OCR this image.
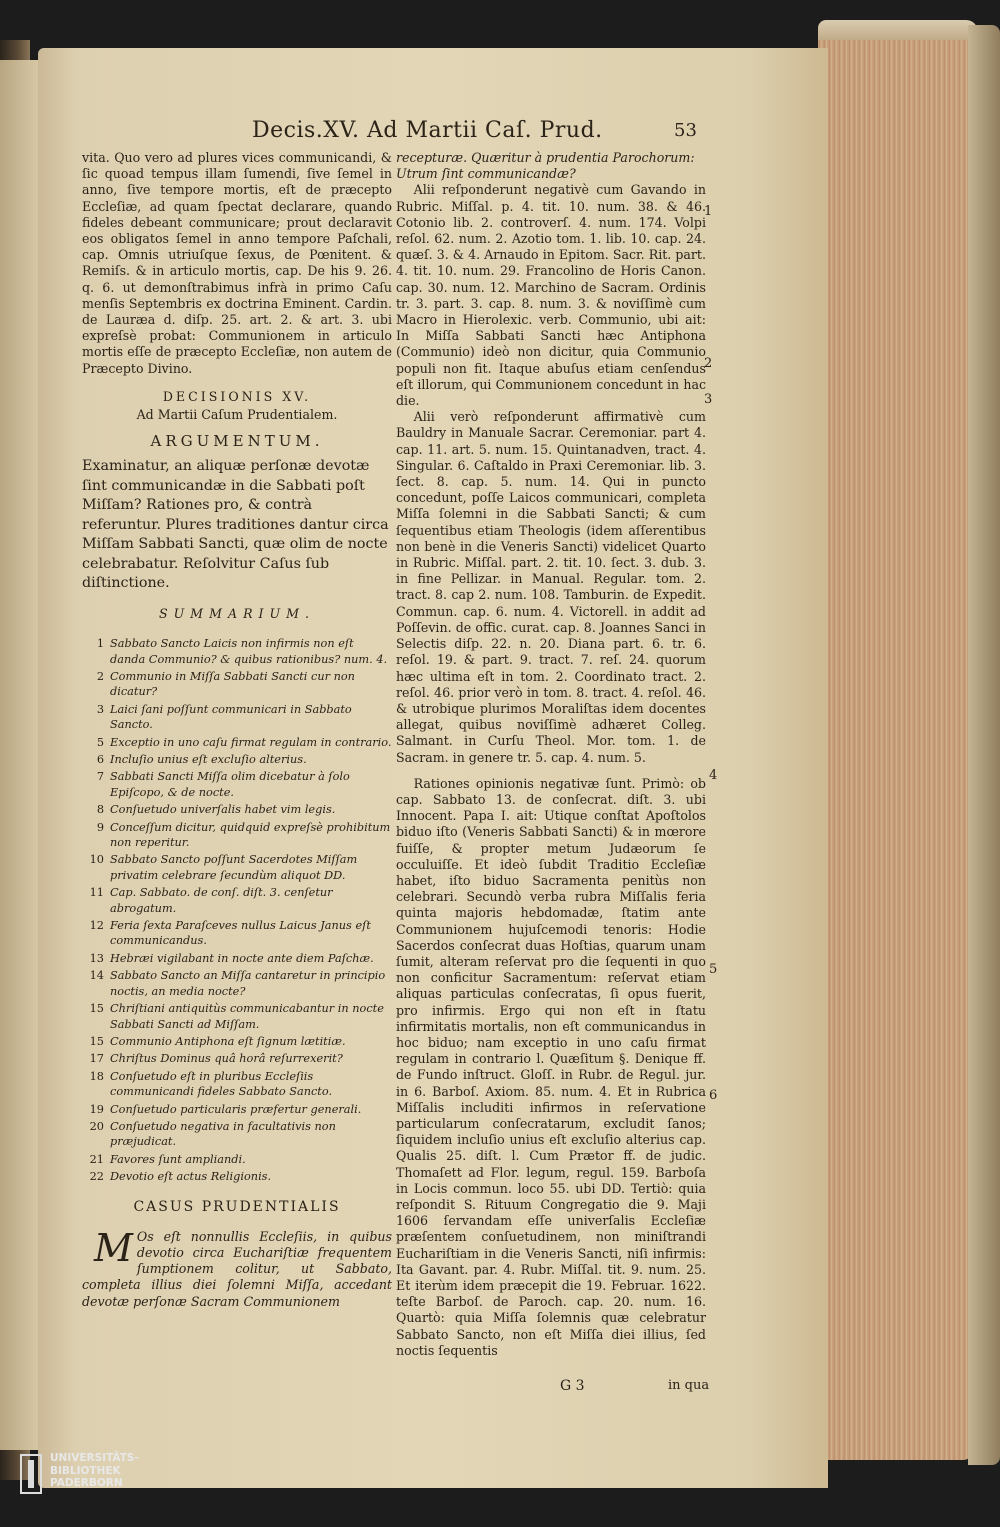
Decis.XV. Ad Martii Caſ. Prud.	53

vita. Quo vero ad plures vices communicandi, & ſic quoad tempus illam ſumendi, ſive ſemel in anno, ſive tempore mortis, eſt de præcepto Eccleſiæ, ad quam ſpectat declarare, quando fideles debeant communicare; prout declaravit eos obligatos ſemel in anno tempore Paſchali, cap. Omnis utriuſque ſexus, de Pœnitent. & Remiſs. & in articulo mortis, cap. De his 9. 26. q. 6. ut demonſtrabimus infrà in primo Caſu menſis Septembris ex doctrina Eminent. Cardin. de Lauræa d. diſp. 25. art. 2. & art. 3. ubi expreſsè probat: Communionem in articulo mortis eſſe de præcepto Eccleſiæ, non autem de Præcepto Divino.

DECISIONIS XV.
Ad Martii Caſum Prudentialem.
ARGUMENTUM.

Examinatur, an aliquæ perſonæ devotæ ſint communicandæ in die Sabbati poſt Miſſam? Rationes pro, & contrà referuntur. Plures traditiones dantur circa Miſſam Sabbati Sancti, quæ olim de nocte celebrabatur. Reſolvitur Caſus ſub diſtinctione.

SUMMARIUM.
1 Sabbato Sancto Laicis non infirmis non eſt danda Communio? & quibus rationibus? num. 4.
2 Communio in Miſſa Sabbati Sancti cur non dicatur?
3 Laici ſani poſſunt communicari in Sabbato Sancto.
5 Exceptio in uno caſu firmat regulam in contrario.
6 Incluſio unius eſt excluſio alterius.
7 Sabbati Sancti Miſſa olim dicebatur à ſolo Epiſcopo, & de nocte.
8 Conſuetudo univerſalis habet vim legis.
9 Conceſſum dicitur, quidquid expreſsè prohibitum non reperitur.
10 Sabbato Sancto poſſunt Sacerdotes Miſſam privatim celebrare ſecundùm aliquot DD.
11 Cap. Sabbato. de conſ. diſt. 3. cenſetur abrogatum.
12 Feria ſexta Paraſceves nullus Laicus Janus eſt communicandus.
13 Hebræi vigilabant in nocte ante diem Paſchæ.
14 Sabbato Sancto an Miſſa cantaretur in principio noctis, an media nocte?
15 Chriſtiani antiquitùs communicabantur in nocte Sabbati Sancti ad Miſſam.
15 Communio Antiphona eſt ſignum lætitiæ.
17 Chriſtus Dominus quâ horâ reſurrexerit?
18 Conſuetudo eſt in pluribus Eccleſiis communicandi fideles Sabbato Sancto.
19 Conſuetudo particularis præfertur generali.
20 Conſuetudo negativa in facultativis non præjudicat.
21 Favores ſunt ampliandi.
22 Devotio eſt actus Religionis.
CASUS PRUDENTIALIS

M Os eſt nonnullis Eccleſiis, in quibus devotio circa Euchariſtiæ frequentem ſumptionem colitur, ut Sabbato, completa illius diei ſolemni Miſſa, accedant devotæ perſonæ Sacram Communionem

recepturæ. Quæritur à prudentia Parochorum: Utrum ſint communicandæ?

Alii reſponderunt negativè cum Gavando in Rubric. Miſſal. p. 4. tit. 10. num. 38. & 46. Cotonio lib. 2. controverſ. 4. num. 174. Volpi reſol. 62. num. 2. Azotio tom. 1. lib. 10. cap. 24. quæſ. 3. & 4. Arnaudo in Epitom. Sacr. Rit. part. 4. tit. 10. num. 29. Francolino de Horis Canon. cap. 30. num. 12. Marchino de Sacram. Ordinis tr. 3. part. 3. cap. 8. num. 3. & noviſſimè cum Macro in Hierolexic. verb. Communio, ubi ait: In Miſſa Sabbati Sancti hæc Antiphona (Communio) ideò non dicitur, quia Communio populi non fit. Itaque abuſus etiam cenſendus eſt illorum, qui Communionem concedunt in hac die.

Alii verò reſponderunt affirmativè cum Bauldry in Manuale Sacrar. Ceremoniar. part 4. cap. 11. art. 5. num. 15. Quintanadven, tract. 4. Singular. 6. Caſtaldo in Praxi Ceremoniar. lib. 3. ſect. 8. cap. 5. num. 14. Qui in puncto concedunt, poſſe Laicos communicari, completa Miſſa ſolemni in die Sabbati Sancti; & cum ſequentibus etiam Theologis (idem aſſerentibus non benè in die Veneris Sancti) videlicet Quarto in Rubric. Miſſal. part. 2. tit. 10. ſect. 3. dub. 3. in fine Pellizar. in Manual. Regular. tom. 2. tract. 8. cap 2. num. 108. Tamburin. de Expedit. Commun. cap. 6. num. 4. Victorell. in addit ad Poſſevin. de offic. curat. cap. 8. Joannes Sanci in Selectis diſp. 22. n. 20. Diana part. 6. tr. 6. reſol. 19. & part. 9. tract. 7. reſ. 24. quorum hæc ultima eſt in tom. 2. Coordinato tract. 2. reſol. 46. prior verò in tom. 8. tract. 4. reſol. 46. & utrobique plurimos Moraliſtas idem docentes allegat, quibus noviſſimè adhæret Colleg. Salmant. in Curſu Theol. Mor. tom. 1. de Sacram. in genere tr. 5. cap. 4. num. 5.

Rationes opinionis negativæ ſunt. Primò: ob cap. Sabbato 13. de conſecrat. diſt. 3. ubi Innocent. Papa I. ait: Utique conſtat Apoſtolos biduo iſto (Veneris Sabbati Sancti) & in mœrore fuiſſe, & propter metum Judæorum ſe occuluiſſe. Et ideò ſubdit Traditio Eccleſiæ habet, iſto biduo Sacramenta penitùs non celebrari. Secundò verba rubra Miſſalis feria quinta majoris hebdomadæ, ſtatim ante Communionem hujuſcemodi tenoris: Hodie Sacerdos conſecrat duas Hoſtias, quarum unam ſumit, alteram reſervat pro die ſequenti in quo non conficitur Sacramentum: reſervat etiam aliquas particulas conſecratas, ſi opus fuerit, pro infirmis. Ergo qui non eſt in ſtatu infirmitatis mortalis, non eſt communicandus in hoc biduo; nam exceptio in uno caſu firmat regulam in contrario l. Quæſitum §. Denique ff. de Fundo inſtruct. Gloſſ. in Rubr. de Regul. jur. in 6. Barboſ. Axiom. 85. num. 4. Et in Rubrica Miſſalis includiti infirmos in reſervatione particularum conſecratarum, excludit ſanos; ſiquidem incluſio unius eſt excluſio alterius cap. Qualis 25. diſt. l. Cum Prætor ff. de judic. Thomaſett ad Flor. legum, regul. 159. Barboſa in Locis commun. loco 55. ubi DD. Tertiò: quia reſpondit S. Rituum Congregatio die 9. Maji 1606 ſervandam eſſe univerſalis Eccleſiæ præſentem conſuetudinem, non miniſtrandi Euchariſtiam in die Veneris Sancti, niſi infirmis: Ita Gavant. par. 4. Rubr. Miſſal. tit. 9. num. 25. Et iterùm idem præcepit die 19. Februar. 1622. teſte Barboſ. de Paroch. cap. 20. num. 16. Quartò: quia Miſſa ſolemnis quæ celebratur Sabbato Sancto, non eſt Miſſa diei illius, ſed noctis ſequentis

1
2
3
4
5
6
G 3	in qua
UNIVERSITÄTS-
BIBLIOTHEK
PADERBORN
